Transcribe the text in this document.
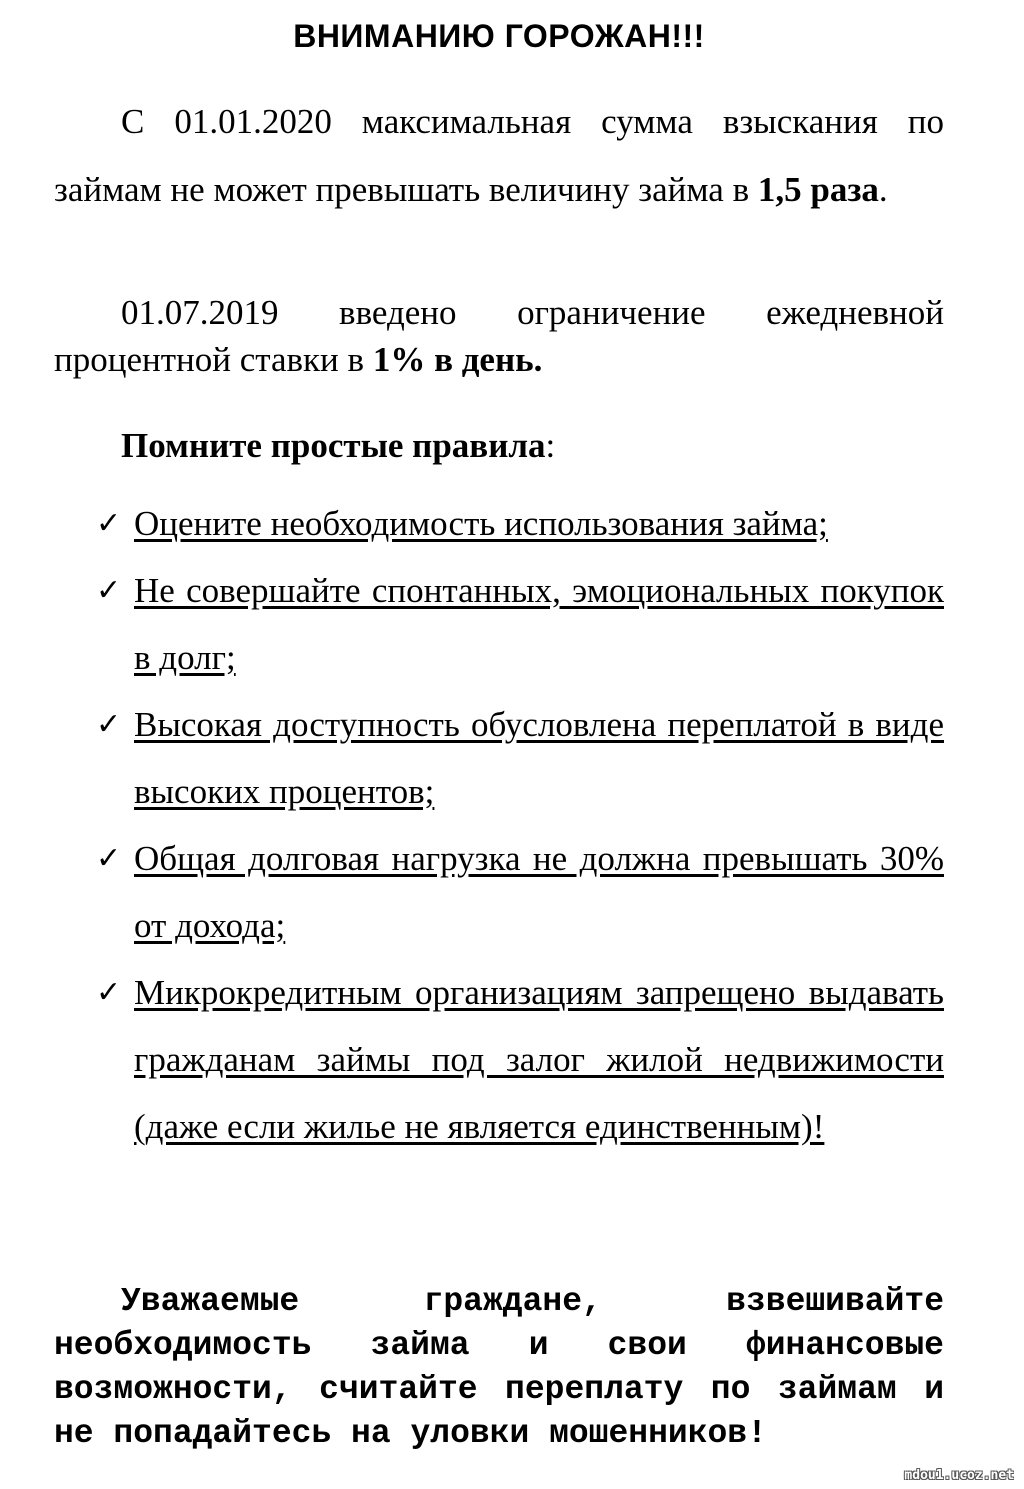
ВНИМАНИЮ ГОРОЖАН!!!
С 01.01.2020 максимальная сумма взыскания по займам не может превышать величину займа в 1,5 раза.
01.07.2019 введено ограничение ежедневной процентной ставки в 1% в день.
Помните простые правила:
✓ Оцените необходимость использования займа;
✓ Не совершайте спонтанных, эмоциональных покупок в долг;
✓ Высокая доступность обусловлена переплатой в виде высоких процентов;
✓ Общая долговая нагрузка не должна превышать 30% от дохода;
✓ Микрокредитным организациям запрещено выдавать гражданам займы под залог жилой недвижимости (даже если жилье не является единственным)!
Уважаемые граждане, взвешивайте необходимость займа и свои финансовые возможности, считайте переплату по займам и не попадайтесь на уловки мошенников!
mdou1.ucoz.net
